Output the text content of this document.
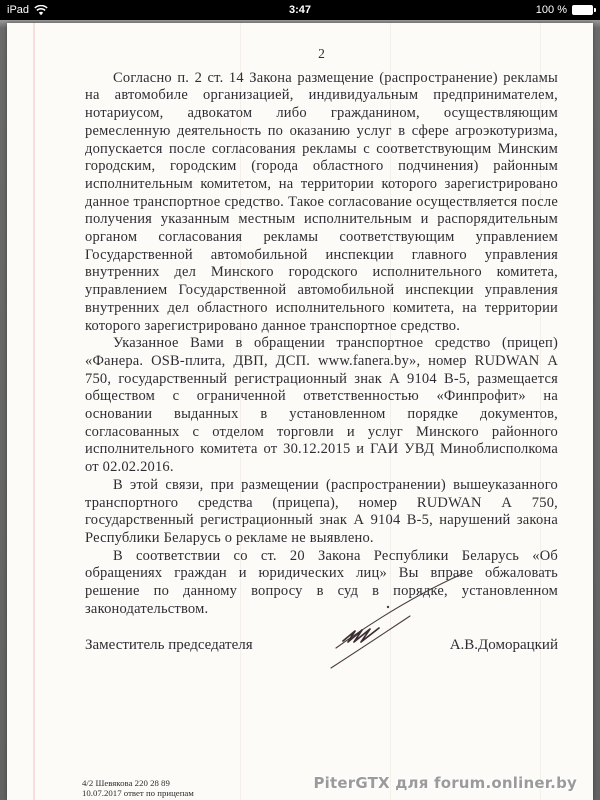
iPad	3:47	100 %
2

Согласно п. 2 ст. 14 Закона размещение (распространение) рекламы на автомобиле организацией, индивидуальным предпринимателем, нотариусом, адвокатом либо гражданином, осуществляющим ремесленную деятельность по оказанию услуг в сфере агроэкотуризма, допускается после согласования рекламы с соответствующим Минским городским, городским (города областного подчинения) районным исполнительным комитетом, на территории которого зарегистрировано данное транспортное средство. Такое согласование осуществляется после получения указанным местным исполнительным и распорядительным органом согласования рекламы соответствующим управлением Государственной автомобильной инспекции главного управления внутренних дел Минского городского исполнительного комитета, управлением Государственной автомобильной инспекции управления внутренних дел областного исполнительного комитета, на территории которого зарегистрировано данное транспортное средство.

Указанное Вами в обращении транспортное средство (прицеп) «Фанера. OSB-плита, ДВП, ДСП. www.fanera.by», номер RUDWAN А 750, государственный регистрационный знак А 9104 В-5, размещается обществом с ограниченной ответственностью «Финпрофит» на основании выданных в установленном порядке документов, согласованных с отделом торговли и услуг Минского районного исполнительного комитета от 30.12.2015 и ГАИ УВД Миноблисполкома от 02.02.2016.

В этой связи, при размещении (распространении) вышеуказанного транспортного средства (прицепа), номер RUDWAN А 750, государственный регистрационный знак А 9104 В-5, нарушений закона Республики Беларусь о рекламе не выявлено.

В соответствии со ст. 20 Закона Республики Беларусь «Об обращениях граждан и юридических лиц» Вы вправе обжаловать решение по данному вопросу в суд в порядке, установленном законодательством.

Заместитель председателя	А.В.Доморацкий
4/2 Шевякова 220 28 89
10.07.2017 ответ по прицепам
PiterGTX для forum.onliner.by
